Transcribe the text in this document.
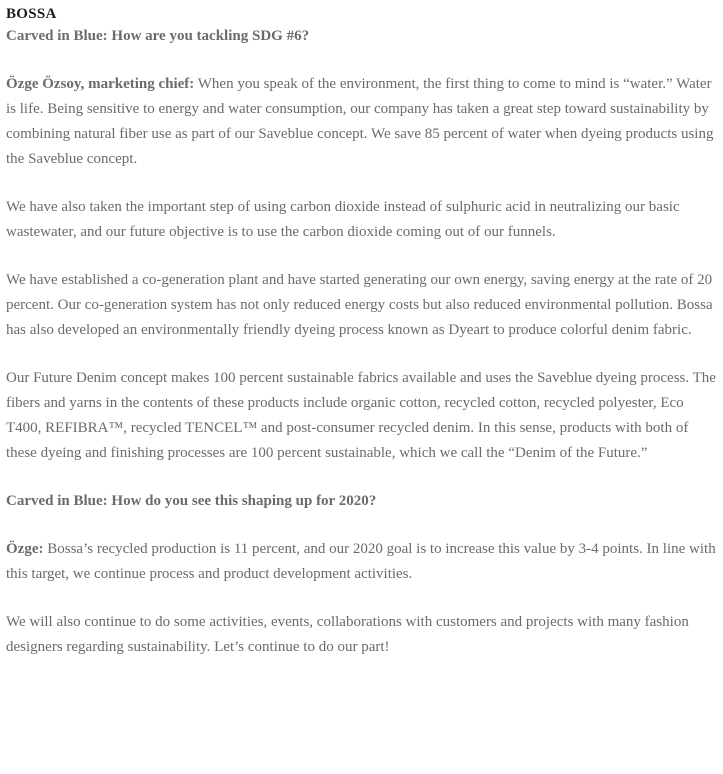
BOSSA

Carved in Blue: How are you tackling SDG #6?

Özge Özsoy, marketing chief: When you speak of the environment, the first thing to come to mind is “water.” Water is life. Being sensitive to energy and water consumption, our company has taken a great step toward sustainability by combining natural fiber use as part of our Saveblue concept. We save 85 percent of water when dyeing products using the Saveblue concept.

We have also taken the important step of using carbon dioxide instead of sulphuric acid in neutralizing our basic wastewater, and our future objective is to use the carbon dioxide coming out of our funnels.

We have established a co-generation plant and have started generating our own energy, saving energy at the rate of 20 percent. Our co-generation system has not only reduced energy costs but also reduced environmental pollution. Bossa has also developed an environmentally friendly dyeing process known as Dyeart to produce colorful denim fabric.

Our Future Denim concept makes 100 percent sustainable fabrics available and uses the Saveblue dyeing process. The fibers and yarns in the contents of these products include organic cotton, recycled cotton, recycled polyester, Eco T400, REFIBRA™, recycled TENCEL™ and post-consumer recycled denim. In this sense, products with both of these dyeing and finishing processes are 100 percent sustainable, which we call the “Denim of the Future.”

Carved in Blue: How do you see this shaping up for 2020?

Özge: Bossa’s recycled production is 11 percent, and our 2020 goal is to increase this value by 3-4 points. In line with this target, we continue process and product development activities.

We will also continue to do some activities, events, collaborations with customers and projects with many fashion designers regarding sustainability. Let’s continue to do our part!
